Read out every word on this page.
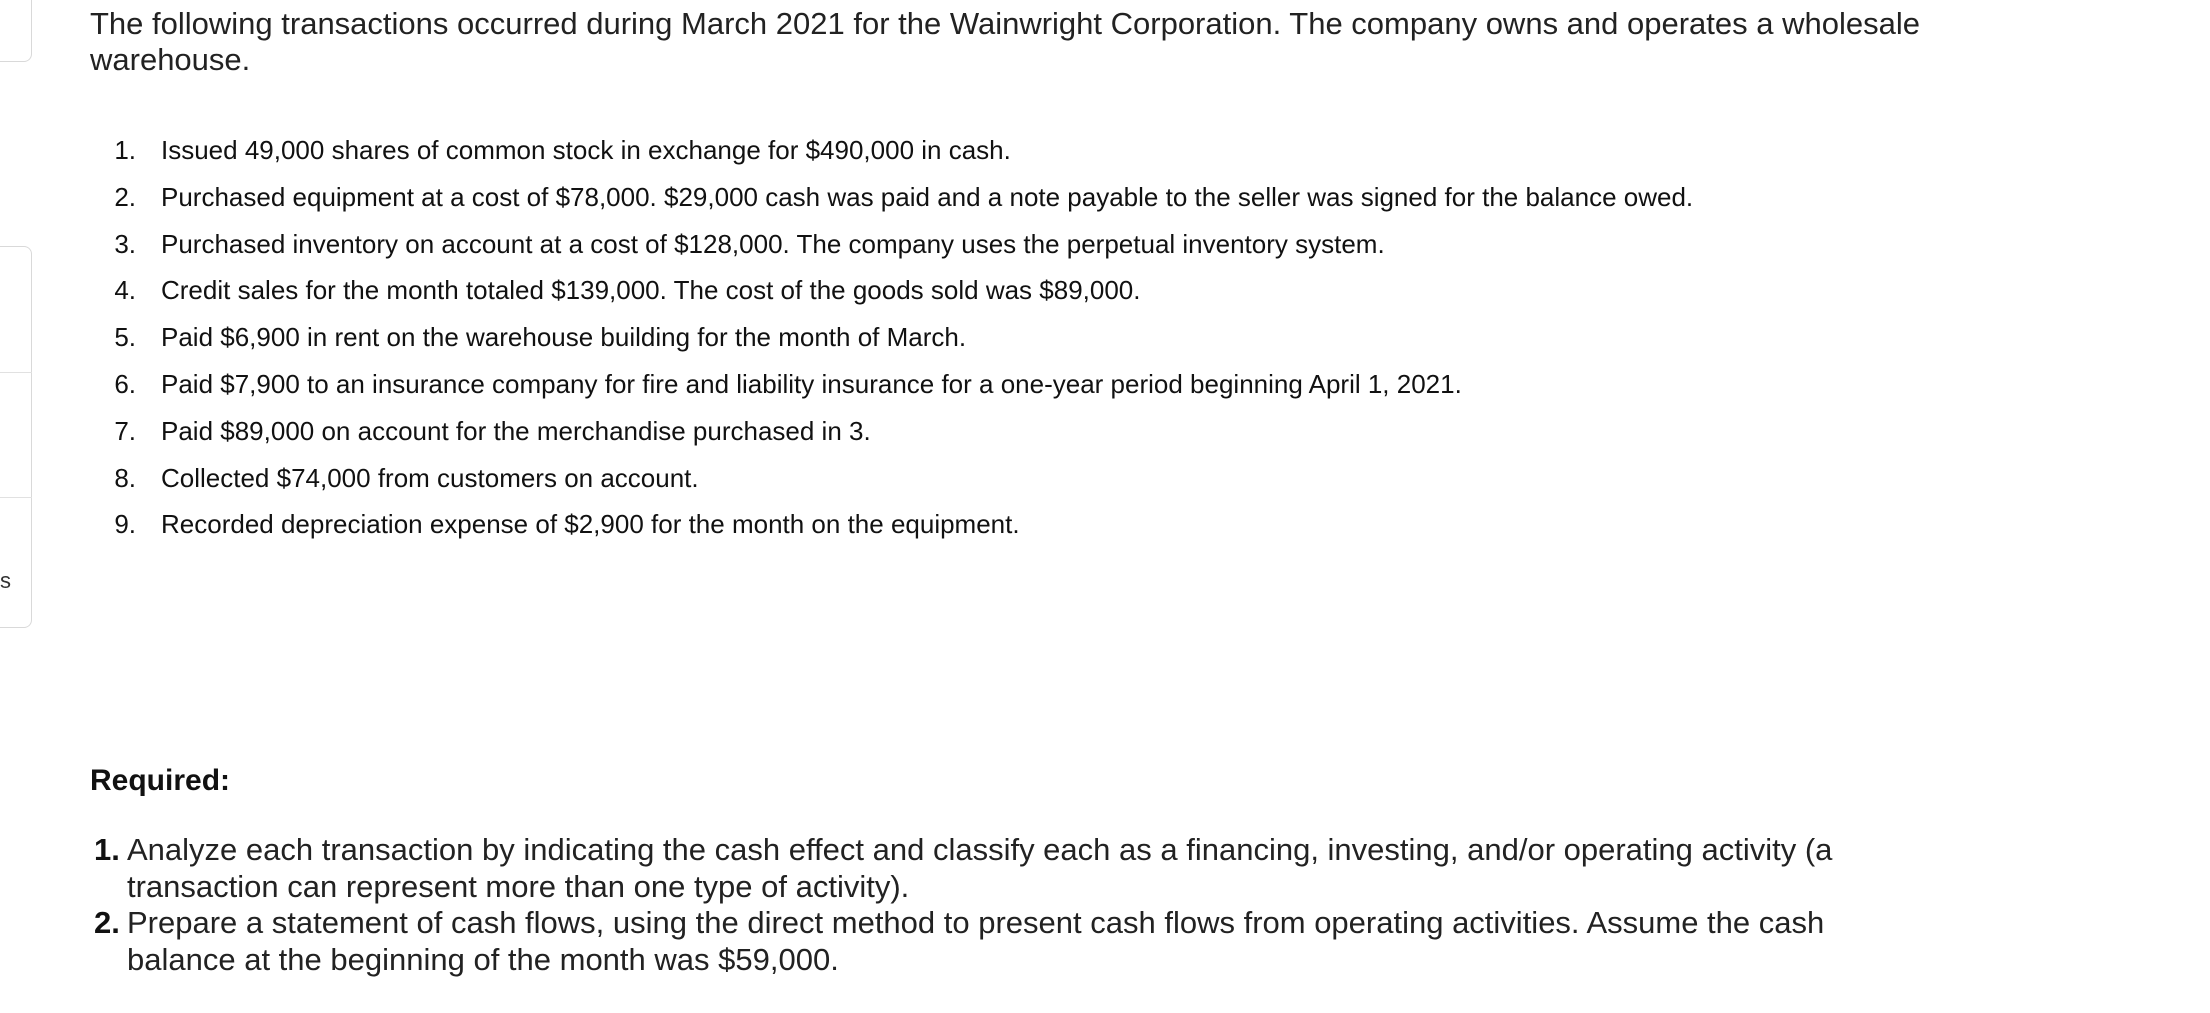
s

The following transactions occurred during March 2021 for the Wainwright Corporation. The company owns and operates a wholesale warehouse.

1. Issued 49,000 shares of common stock in exchange for $490,000 in cash.
2. Purchased equipment at a cost of $78,000. $29,000 cash was paid and a note payable to the seller was signed for the balance owed.
3. Purchased inventory on account at a cost of $128,000. The company uses the perpetual inventory system.
4. Credit sales for the month totaled $139,000. The cost of the goods sold was $89,000.
5. Paid $6,900 in rent on the warehouse building for the month of March.
6. Paid $7,900 to an insurance company for fire and liability insurance for a one-year period beginning April 1, 2021.
7. Paid $89,000 on account for the merchandise purchased in 3.
8. Collected $74,000 from customers on account.
9. Recorded depreciation expense of $2,900 for the month on the equipment.
Required:
1. Analyze each transaction by indicating the cash effect and classify each as a financing, investing, and/or operating activity (a transaction can represent more than one type of activity).
2. Prepare a statement of cash flows, using the direct method to present cash flows from operating activities. Assume the cash balance at the beginning of the month was $59,000.
